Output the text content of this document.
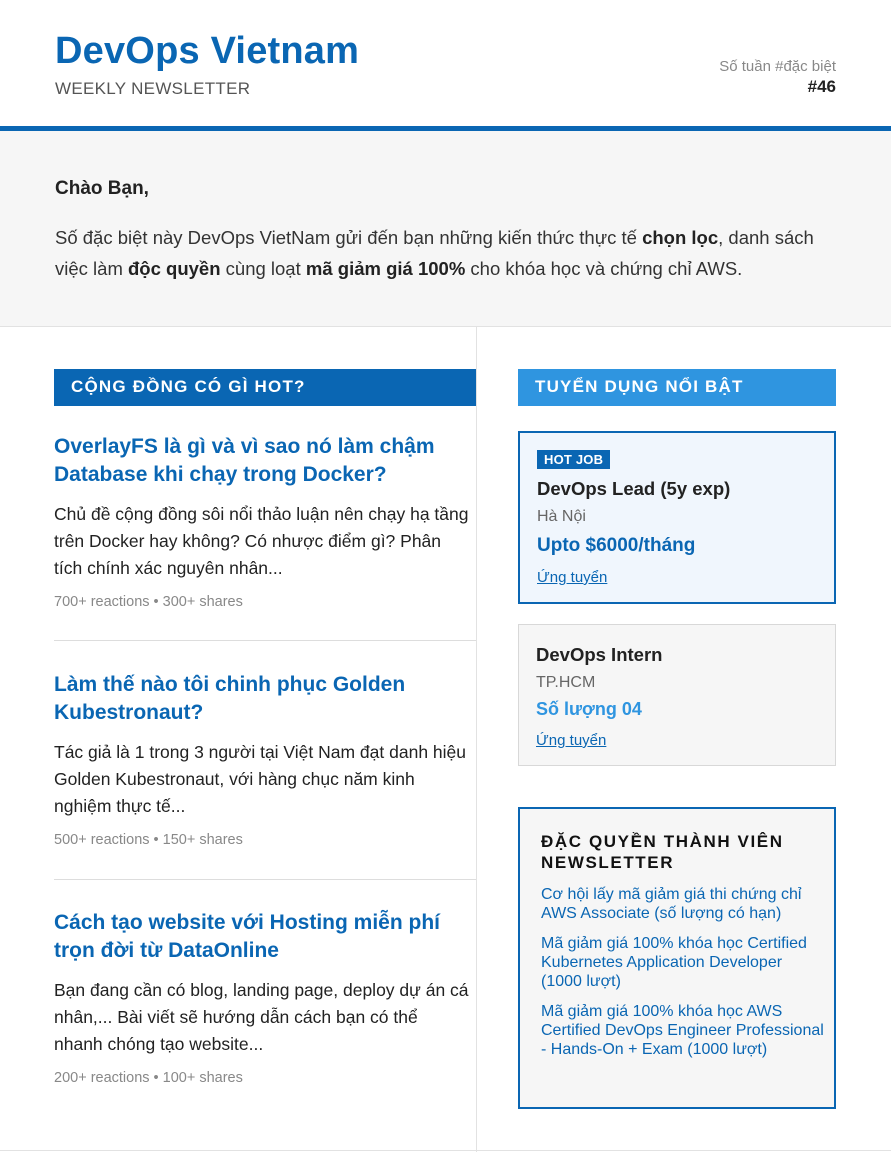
DevOps Vietnam
WEEKLY NEWSLETTER
Số tuần #đặc biệt
#46
Chào Bạn,
Số đặc biệt này DevOps VietNam gửi đến bạn những kiến thức thực tế chọn lọc, danh sách việc làm độc quyền cùng loạt mã giảm giá 100% cho khóa học và chứng chỉ AWS.
CỘNG ĐỒNG CÓ GÌ HOT?
OverlayFS là gì và vì sao nó làm chậm Database khi chạy trong Docker?
Chủ đề cộng đồng sôi nổi thảo luận nên chạy hạ tầng trên Docker hay không? Có nhược điểm gì? Phân tích chính xác nguyên nhân...
700+ reactions • 300+ shares
Làm thế nào tôi chinh phục Golden Kubestronaut?
Tác giả là 1 trong 3 người tại Việt Nam đạt danh hiệu Golden Kubestronaut, với hàng chục năm kinh nghiệm thực tế...
500+ reactions • 150+ shares
Cách tạo website với Hosting miễn phí trọn đời từ DataOnline
Bạn đang cần có blog, landing page, deploy dự án cá nhân,... Bài viết sẽ hướng dẫn cách bạn có thể nhanh chóng tạo website...
200+ reactions • 100+ shares
TUYỂN DỤNG NỔI BẬT
HOT JOB
DevOps Lead (5y exp)
Hà Nội
Upto $6000/tháng
Ứng tuyển
DevOps Intern
TP.HCM
Số lượng 04
Ứng tuyển
ĐẶC QUYỀN THÀNH VIÊN NEWSLETTER
Cơ hội lấy mã giảm giá thi chứng chỉ AWS Associate (số lượng có hạn)
Mã giảm giá 100% khóa học Certified Kubernetes Application Developer (1000 lượt)
Mã giảm giá 100% khóa học AWS Certified DevOps Engineer Professional - Hands-On + Exam (1000 lượt)
